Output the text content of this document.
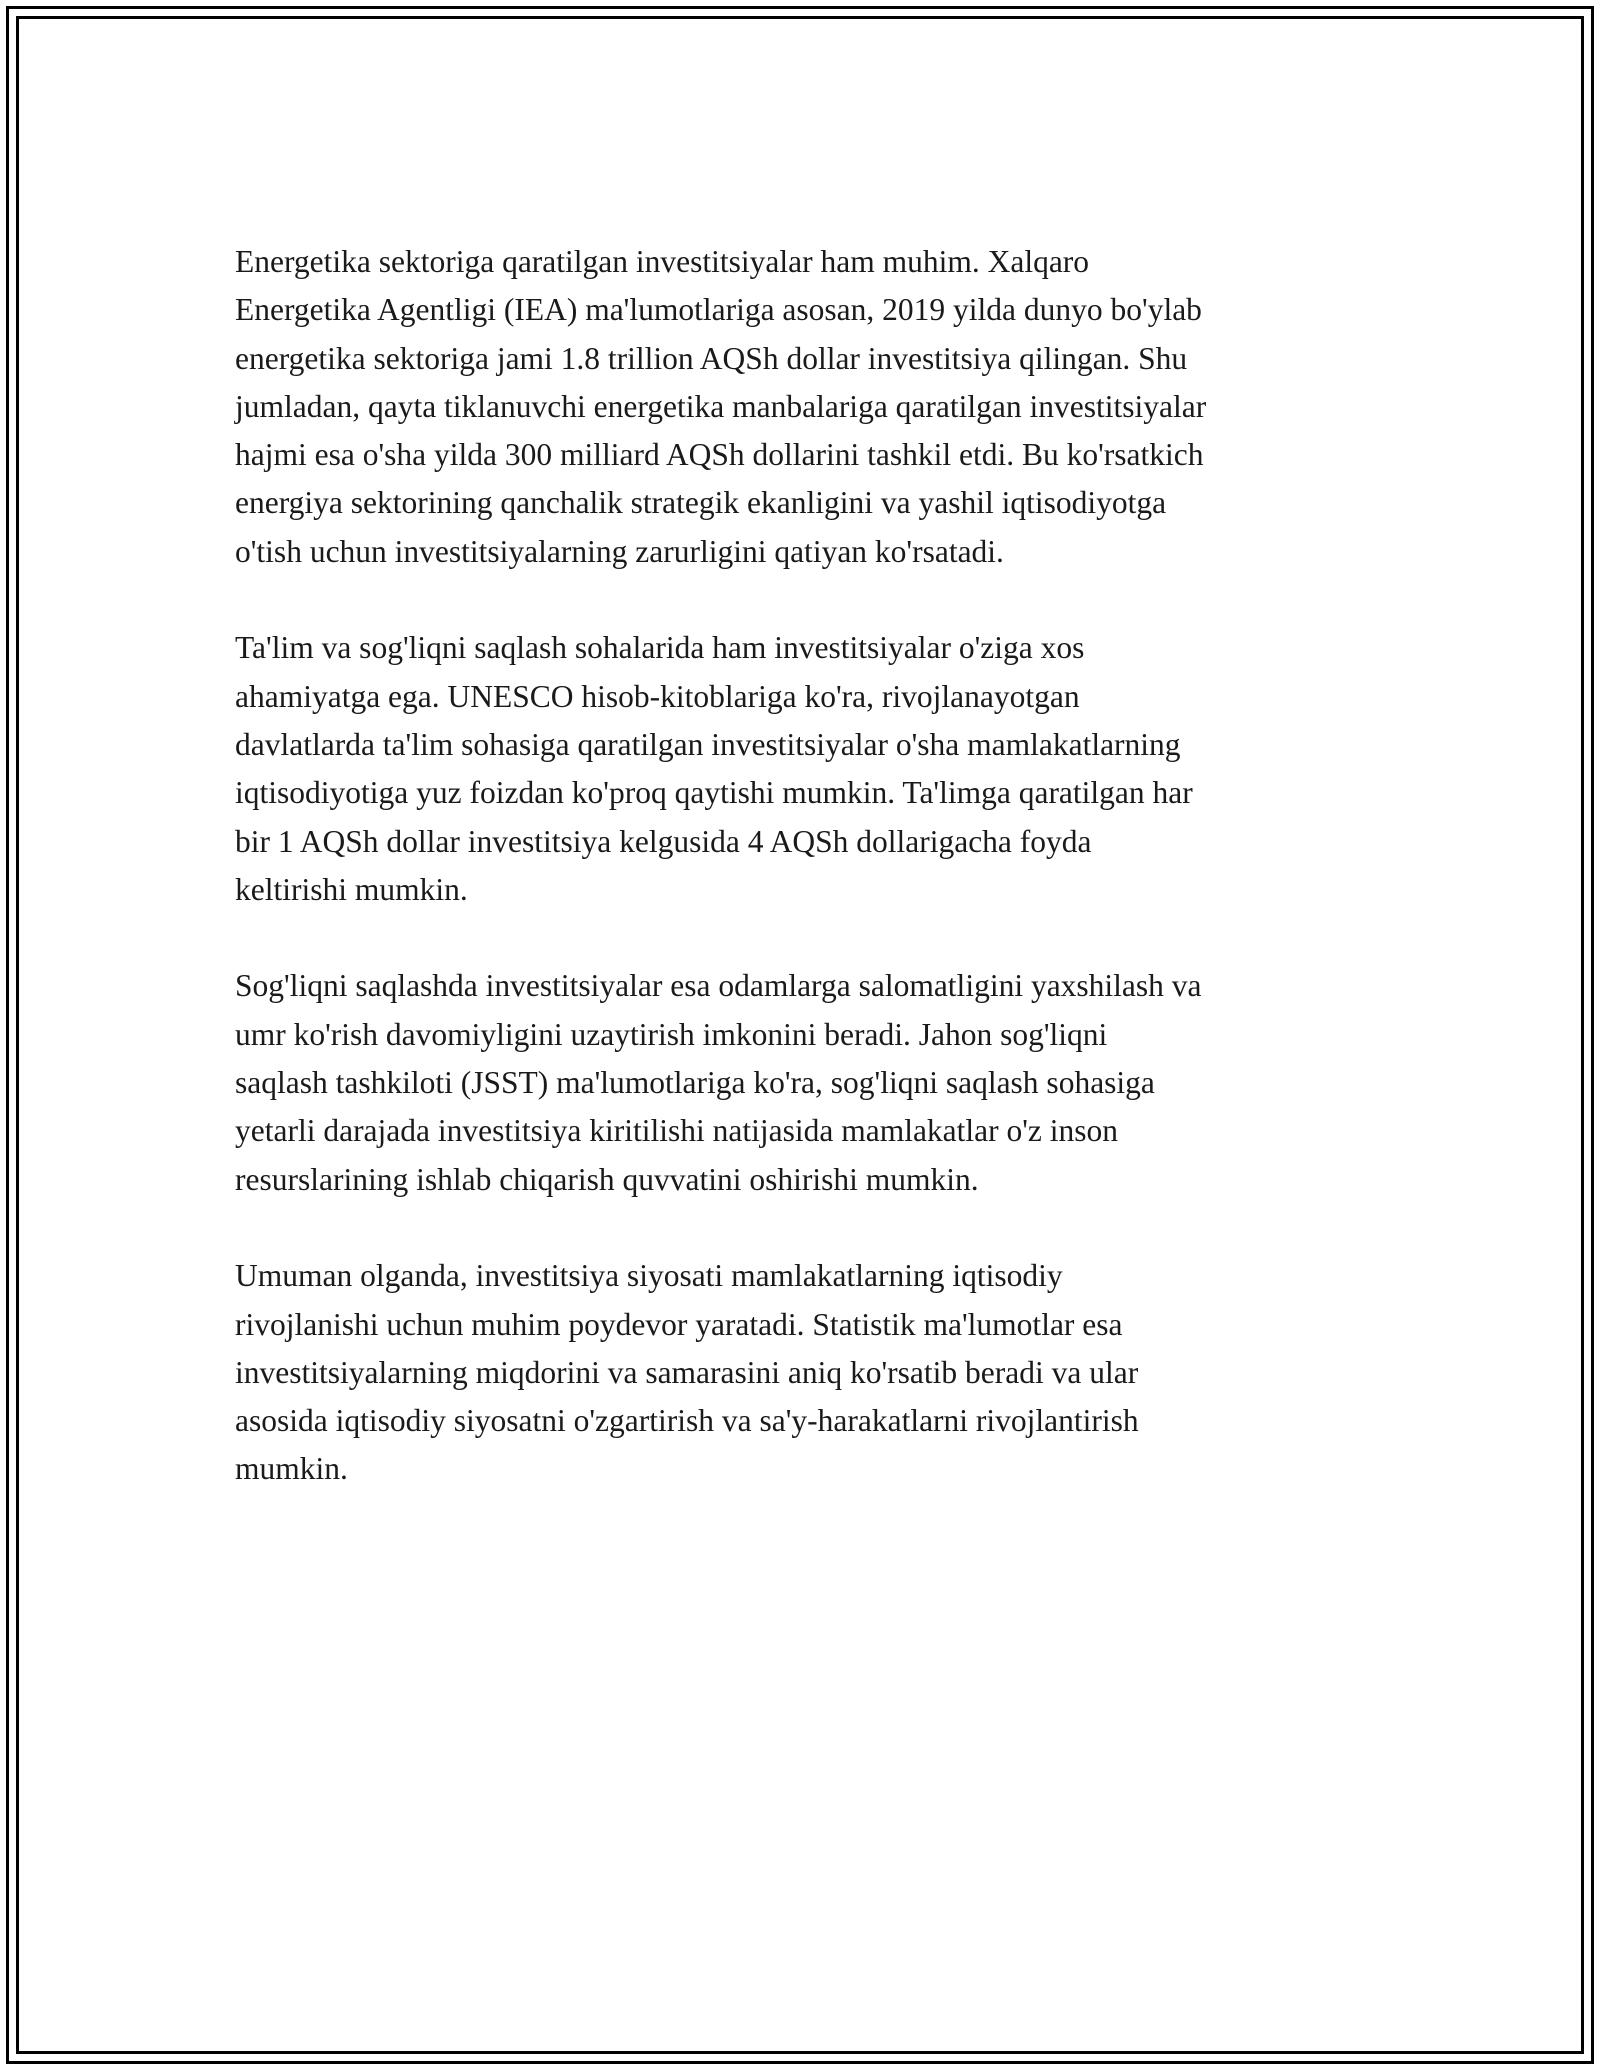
Energetika sektoriga qaratilgan investitsiyalar ham muhim. Xalqaro
Energetika Agentligi (IEA) ma'lumotlariga asosan, 2019 yilda dunyo bo'ylab
energetika sektoriga jami 1.8 trillion AQSh dollar investitsiya qilingan. Shu
jumladan, qayta tiklanuvchi energetika manbalariga qaratilgan investitsiyalar
hajmi esa o'sha yilda 300 milliard AQSh dollarini tashkil etdi. Bu ko'rsatkich
energiya sektorining qanchalik strategik ekanligini va yashil iqtisodiyotga
o'tish uchun investitsiyalarning zarurligini qatiyan ko'rsatadi.

Ta'lim va sog'liqni saqlash sohalarida ham investitsiyalar o'ziga xos
ahamiyatga ega. UNESCO hisob-kitoblariga ko'ra, rivojlanayotgan
davlatlarda ta'lim sohasiga qaratilgan investitsiyalar o'sha mamlakatlarning
iqtisodiyotiga yuz foizdan ko'proq qaytishi mumkin. Ta'limga qaratilgan har
bir 1 AQSh dollar investitsiya kelgusida 4 AQSh dollarigacha foyda
keltirishi mumkin.

Sog'liqni saqlashda investitsiyalar esa odamlarga salomatligini yaxshilash va
umr ko'rish davomiyligini uzaytirish imkonini beradi. Jahon sog'liqni
saqlash tashkiloti (JSST) ma'lumotlariga ko'ra, sog'liqni saqlash sohasiga
yetarli darajada investitsiya kiritilishi natijasida mamlakatlar o'z inson
resurslarining ishlab chiqarish quvvatini oshirishi mumkin.

Umuman olganda, investitsiya siyosati mamlakatlarning iqtisodiy
rivojlanishi uchun muhim poydevor yaratadi. Statistik ma'lumotlar esa
investitsiyalarning miqdorini va samarasini aniq ko'rsatib beradi va ular
asosida iqtisodiy siyosatni o'zgartirish va sa'y-harakatlarni rivojlantirish
mumkin.
